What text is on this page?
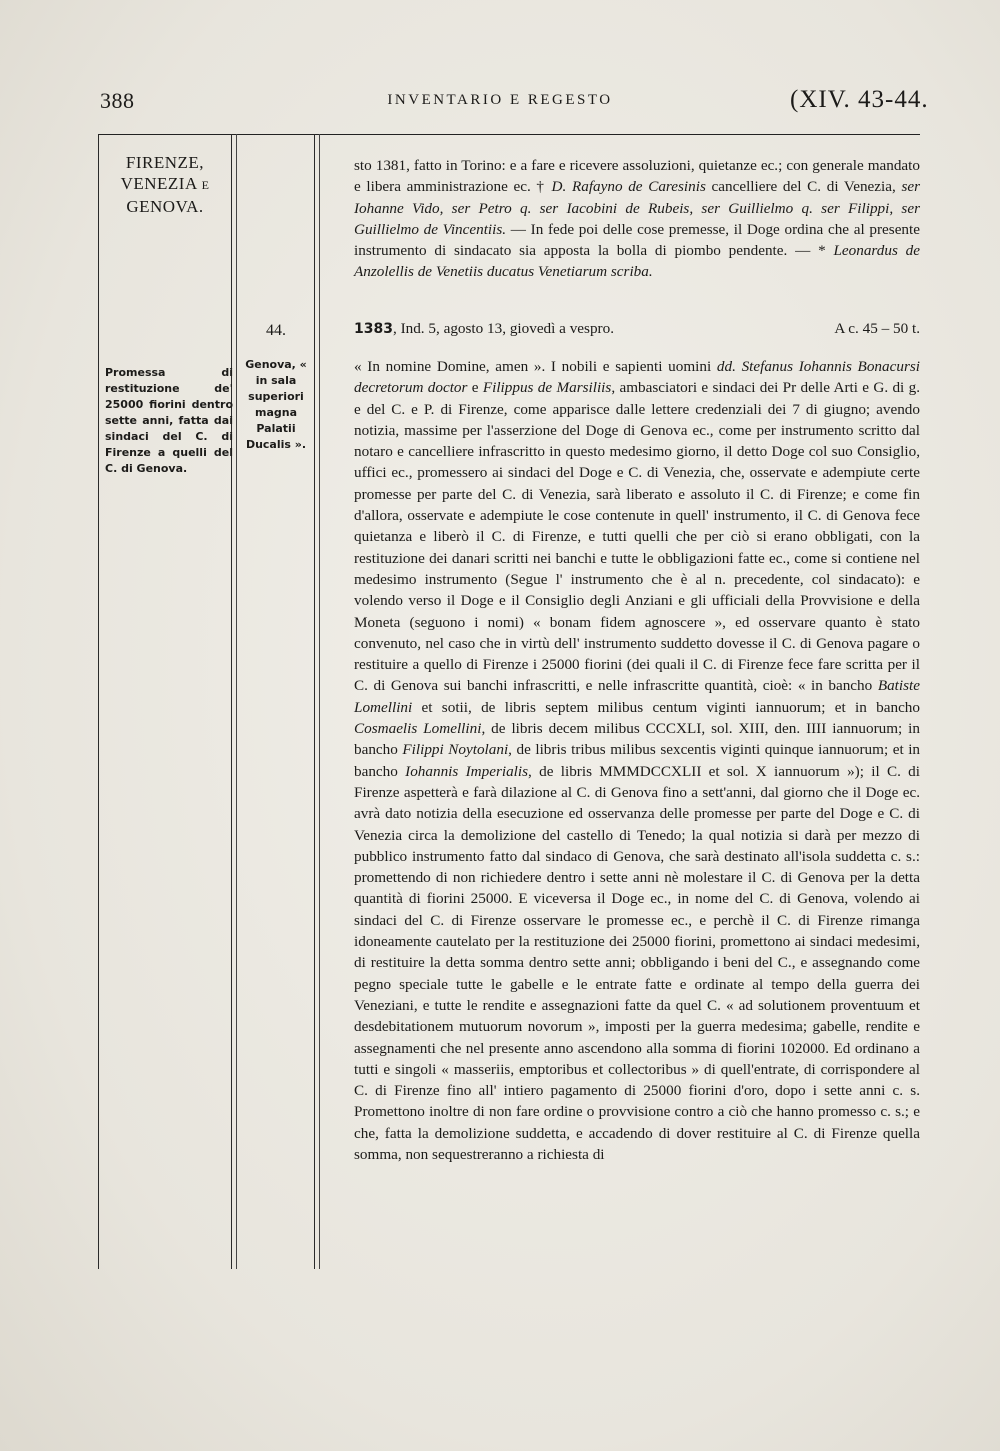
388	INVENTARIO E REGESTO	(XIV. 43-44.
FIRENZE,
VENEZIA E
GENOVA.
Promessa di restituzione de' 25000 fiorini dentro sette anni, fatta dai sindaci del C. di Firenze a quelli del C. di Genova.
44.
Genova, « in sala superiori magna Palatii Ducalis ».

sto 1381, fatto in Torino: e a fare e ricevere assoluzioni, quietanze ec.; con generale mandato e libera amministrazione ec. † D. Rafayno de Caresinis cancelliere del C. di Venezia, ser Iohanne Vido, ser Petro q. ser Iacobini de Rubeis, ser Guillielmo q. ser Filippi, ser Guillielmo de Vincentiis. — In fede poi delle cose premesse, il Doge ordina che al presente instrumento di sindacato sia apposta la bolla di piombo pendente. — * Leonardus de Anzolellis de Venetiis ducatus Venetiarum scriba.

1383, Ind. 5, agosto 13, giovedì a vespro.	A c. 45 – 50 t.

« In nomine Domine, amen ». I nobili e sapienti uomini dd. Stefanus Iohannis Bonacursi decretorum doctor e Filippus de Marsiliis, ambasciatori e sindaci dei Pr delle Arti e G. di g. e del C. e P. di Firenze, come apparisce dalle lettere credenziali dei 7 di giugno; avendo notizia, massime per l'asserzione del Doge di Genova ec., come per instrumento scritto dal notaro e cancelliere infrascritto in questo medesimo giorno, il detto Doge col suo Consiglio, uffici ec., promessero ai sindaci del Doge e C. di Venezia, che, osservate e adempiute certe promesse per parte del C. di Venezia, sarà liberato e assoluto il C. di Firenze; e come fin d'allora, osservate e adempiute le cose contenute in quell' instrumento, il C. di Genova fece quietanza e liberò il C. di Firenze, e tutti quelli che per ciò si erano obbligati, con la restituzione dei danari scritti nei banchi e tutte le obbligazioni fatte ec., come si contiene nel medesimo instrumento (Segue l' instrumento che è al n. precedente, col sindacato): e volendo verso il Doge e il Consiglio degli Anziani e gli ufficiali della Provvisione e della Moneta (seguono i nomi) « bonam fidem agnoscere », ed osservare quanto è stato convenuto, nel caso che in virtù dell' instrumento suddetto dovesse il C. di Genova pagare o restituire a quello di Firenze i 25000 fiorini (dei quali il C. di Firenze fece fare scritta per il C. di Genova sui banchi infrascritti, e nelle infrascritte quantità, cioè: « in bancho Batiste Lomellini et sotii, de libris septem milibus centum viginti iannuorum; et in bancho Cosmaelis Lomellini, de libris decem milibus CCCXLI, sol. XIII, den. IIII iannuorum; in bancho Filippi Noytolani, de libris tribus milibus sexcentis viginti quinque iannuorum; et in bancho Iohannis Imperialis, de libris MMMDCCXLII et sol. X iannuorum »); il C. di Firenze aspetterà e farà dilazione al C. di Genova fino a sett'anni, dal giorno che il Doge ec. avrà dato notizia della esecuzione ed osservanza delle promesse per parte del Doge e C. di Venezia circa la demolizione del castello di Tenedo; la qual notizia si darà per mezzo di pubblico instrumento fatto dal sindaco di Genova, che sarà destinato all'isola suddetta c. s.: promettendo di non richiedere dentro i sette anni nè molestare il C. di Genova per la detta quantità di fiorini 25000. E viceversa il Doge ec., in nome del C. di Genova, volendo ai sindaci del C. di Firenze osservare le promesse ec., e perchè il C. di Firenze rimanga idoneamente cautelato per la restituzione dei 25000 fiorini, promettono ai sindaci medesimi, di restituire la detta somma dentro sette anni; obbligando i beni del C., e assegnando come pegno speciale tutte le gabelle e le entrate fatte e ordinate al tempo della guerra dei Veneziani, e tutte le rendite e assegnazioni fatte da quel C. « ad solutionem proventuum et desdebitationem mutuorum novorum », imposti per la guerra medesima; gabelle, rendite e assegnamenti che nel presente anno ascendono alla somma di fiorini 102000. Ed ordinano a tutti e singoli « masseriis, emptoribus et collectoribus » di quell'entrate, di corrispondere al C. di Firenze fino all' intiero pagamento di 25000 fiorini d'oro, dopo i sette anni c. s. Promettono inoltre di non fare ordine o provvisione contro a ciò che hanno promesso c. s.; e che, fatta la demolizione suddetta, e accadendo di dover restituire al C. di Firenze quella somma, non sequestreranno a richiesta di
